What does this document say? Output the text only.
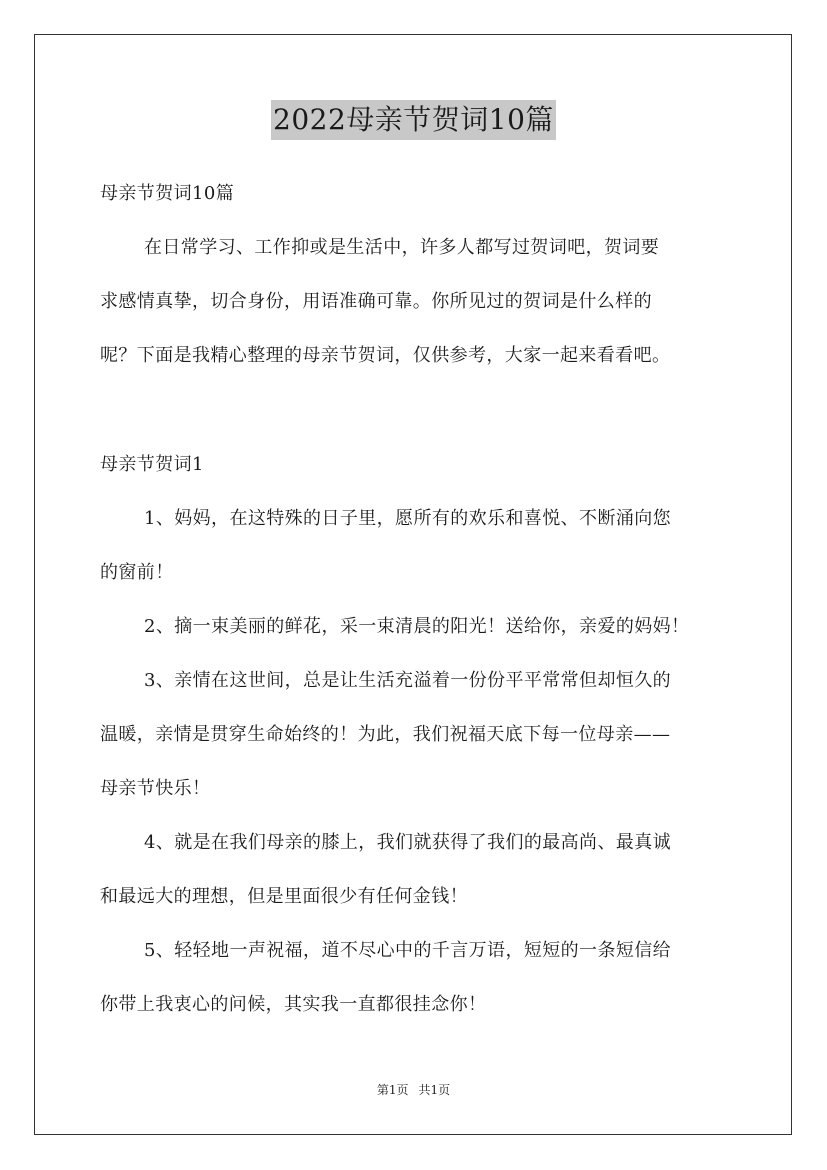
2022母亲节贺词10篇
母亲节贺词10篇
在日常学习、工作抑或是生活中，许多人都写过贺词吧，贺词要
求感情真挚，切合身份，用语准确可靠。你所见过的贺词是什么样的
呢？下面是我精心整理的母亲节贺词，仅供参考，大家一起来看看吧。
母亲节贺词1
1、妈妈，在这特殊的日子里，愿所有的欢乐和喜悦、不断涌向您
的窗前！
2、摘一束美丽的鲜花，采一束清晨的阳光！送给你，亲爱的妈妈！
3、亲情在这世间，总是让生活充溢着一份份平平常常但却恒久的
温暖，亲情是贯穿生命始终的！为此，我们祝福天底下每一位母亲——
母亲节快乐！
4、就是在我们母亲的膝上，我们就获得了我们的最高尚、最真诚
和最远大的理想，但是里面很少有任何金钱！
5、轻轻地一声祝福，道不尽心中的千言万语，短短的一条短信给
你带上我衷心的问候，其实我一直都很挂念你！
第1页 共1页
